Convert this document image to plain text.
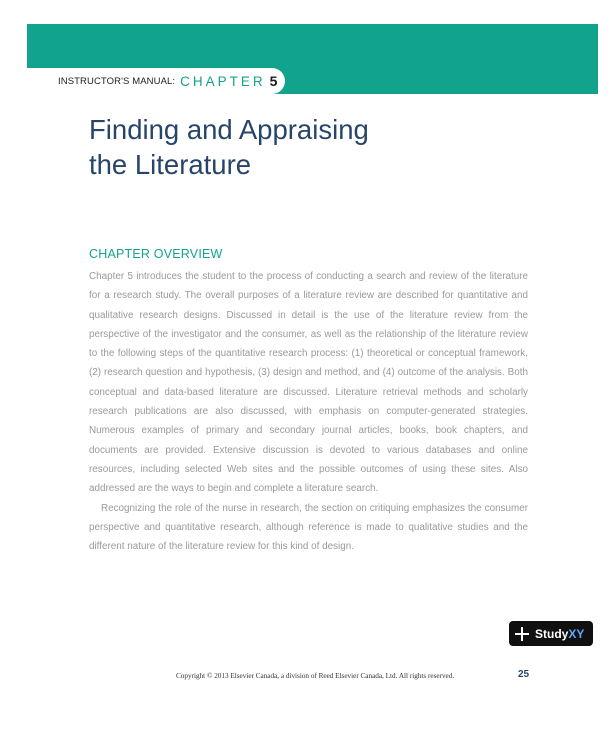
INSTRUCTOR'S MANUAL: CHAPTER 5
Finding and Appraising
the Literature
CHAPTER OVERVIEW

Chapter 5 introduces the student to the process of conducting a search and review of the literature for a research study. The overall purposes of a literature review are described for quantitative and qualitative research designs. Discussed in detail is the use of the literature review from the perspective of the investigator and the consumer, as well as the relationship of the literature review to the following steps of the quantitative research process: (1) theoretical or conceptual framework, (2) research question and hypothesis, (3) design and method, and (4) outcome of the analysis. Both conceptual and data-based literature are discussed. Literature retrieval methods and scholarly research publications are also discussed, with emphasis on computer-generated strategies. Numerous examples of primary and secondary journal articles, books, book chapters, and documents are provided. Extensive discussion is devoted to various databases and online resources, including selected Web sites and the possible outcomes of using these sites. Also addressed are the ways to begin and complete a literature search.

Recognizing the role of the nurse in research, the section on critiquing emphasizes the consumer perspective and quantitative research, although reference is made to qualitative studies and the different nature of the literature review for this kind of design.

StudyXY
Copyright © 2013 Elsevier Canada, a division of Reed Elsevier Canada, Ltd. All rights reserved.	25
